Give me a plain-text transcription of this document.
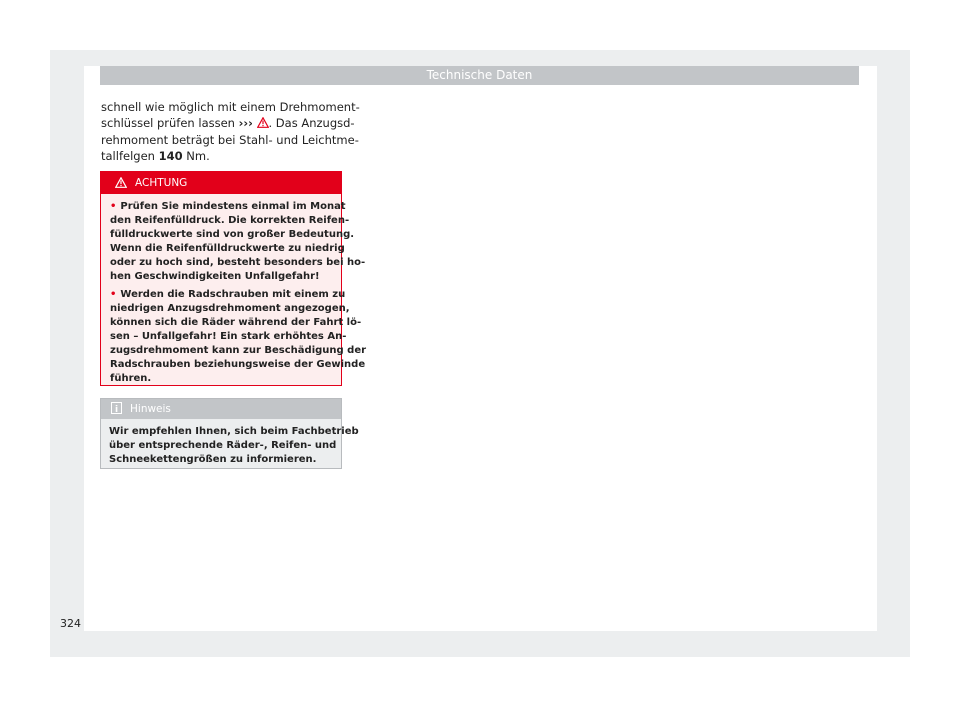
Technische Daten
schnell wie möglich mit einem Drehmoment-
schlüssel prüfen lassen ››› . Das Anzugsd-
rehmoment beträgt bei Stahl- und Leichtme-
tallfelgen 140 Nm.
ACHTUNG
• Prüfen Sie mindestens einmal im Monat
den Reifenfülldruck. Die korrekten Reifen-
fülldruckwerte sind von großer Bedeutung.
Wenn die Reifenfülldruckwerte zu niedrig
oder zu hoch sind, besteht besonders bei ho-
hen Geschwindigkeiten Unfallgefahr!
• Werden die Radschrauben mit einem zu
niedrigen Anzugsdrehmoment angezogen,
können sich die Räder während der Fahrt lö-
sen – Unfallgefahr! Ein stark erhöhtes An-
zugsdrehmoment kann zur Beschädigung der
Radschrauben beziehungsweise der Gewinde
führen.
iHinweis
Wir empfehlen Ihnen, sich beim Fachbetrieb
über entsprechende Räder-, Reifen- und
Schneekettengrößen zu informieren.
324
